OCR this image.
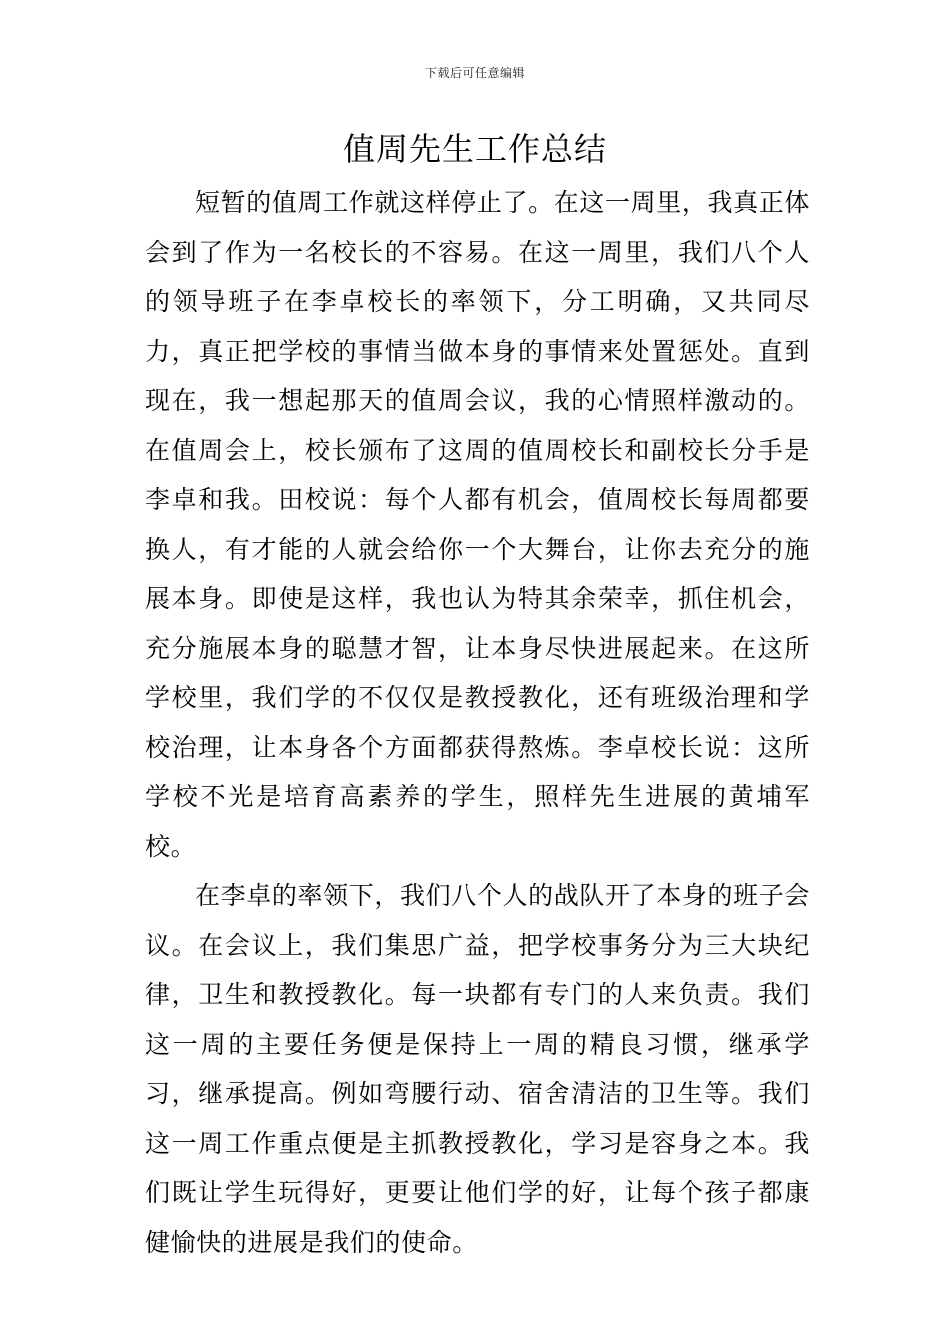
下载后可任意编辑
值周先生工作总结

短暂的值周工作就这样停止了。在这一周里，我真正体会到了作为一名校长的不容易。在这一周里，我们八个人的领导班子在李卓校长的率领下，分工明确，又共同尽力，真正把学校的事情当做本身的事情来处置惩处。直到现在，我一想起那天的值周会议，我的心情照样激动的。在值周会上，校长颁布了这周的值周校长和副校长分手是李卓和我。田校说：每个人都有机会，值周校长每周都要换人，有才能的人就会给你一个大舞台，让你去充分的施展本身。即使是这样，我也认为特其余荣幸，抓住机会，充分施展本身的聪慧才智，让本身尽快进展起来。在这所学校里，我们学的不仅仅是教授教化，还有班级治理和学校治理，让本身各个方面都获得熬炼。李卓校长说：这所学校不光是培育高素养的学生，照样先生进展的黄埔军校。

在李卓的率领下，我们八个人的战队开了本身的班子会议。在会议上，我们集思广益，把学校事务分为三大块纪律，卫生和教授教化。每一块都有专门的人来负责。我们这一周的主要任务便是保持上一周的精良习惯，继承学习，继承提高。例如弯腰行动、宿舍清洁的卫生等。我们这一周工作重点便是主抓教授教化，学习是容身之本。我们既让学生玩得好，更要让他们学的好，让每个孩子都康健愉快的进展是我们的使命。
